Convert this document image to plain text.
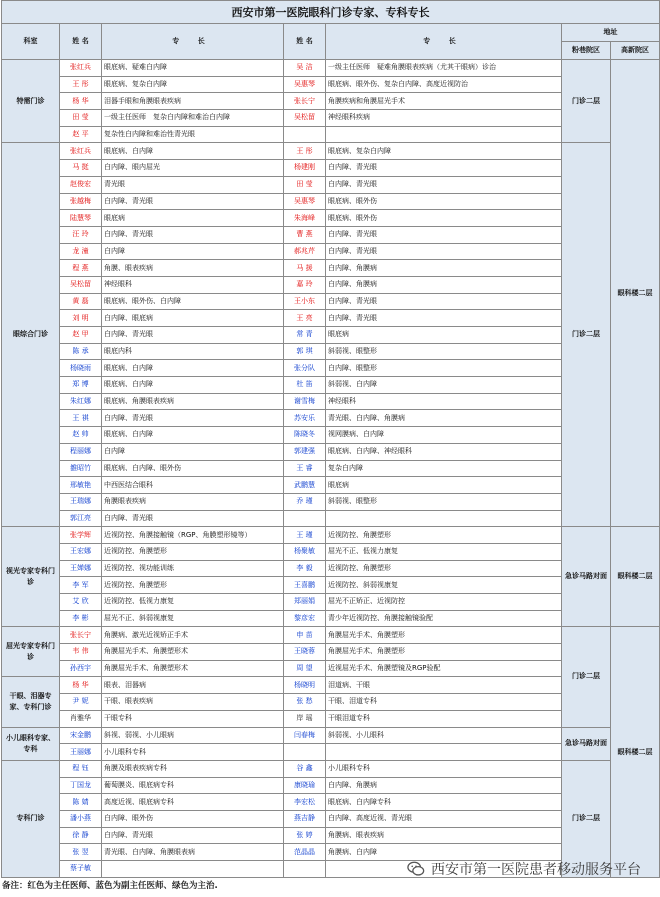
西安市第一医院眼科门诊专家、专科专长						
科室	姓 名	专 长	姓 名	专 长	地址	
					粉巷院区	高新院区
特需门诊	张红兵	眼底病、疑难白内障	吴 洁	一级主任医师　疑难角膜眼表疾病（尤其干眼病）诊治	门诊二层	眼科楼二层
	王 彤	眼底病、复杂白内障	吴惠琴	眼底病、眼外伤、复杂白内障、高度近视防治		
	杨 华	泪器手眼和角膜眼表疾病	张长宁	角膜疾病和角膜屈光手术		
	田 莹	一级主任医师　复杂白内障和难治白内障	吴松留	神经眼科疾病		
	赵 平	复杂性白内障和难治性青光眼				
眼综合门诊	张红兵	眼底病、白内障	王 彤	眼底病、复杂白内障	门诊二层	
	马 挺	白内障、眼内屈光	杨建刚	白内障、青光眼		
	赵俊宏	青光眼	田 莹	白内障、青光眼		
	张越梅	白内障、青光眼	吴惠琴	眼底病、眼外伤		
	陆慧琴	眼底病	朱海峰	眼底病、眼外伤		
	汪 玲	白内障、青光眼	曹 燕	白内障、青光眼		
	龙 潼	白内障	郝兆芹	白内障、青光眼		
	程 燕	角膜、眼表疾病	马 援	白内障、角膜病		
	吴松留	神经眼科	嘉 玲	白内障、角膜病		
	黄 磊	眼底病、眼外伤、白内障	王小东	白内障、青光眼		
	刘 明	白内障、眼底病	王 亮	白内障、青光眼		
	赵 甲	白内障、青光眼	常 青	眼底病		
	陈 承	眼底内科	郭 琪	斜弱视、眼整形		
	杨晓雨	眼底病、白内障	张分队	白内障、眼整形		
	郑 博	眼底病、白内障	杜 笛	斜弱视、白内障		
	朱红娜	眼底病、角膜眼表疾病	谢雪梅	神经眼科		
	王 祺	白内障、青光眼	苏安乐	青光眼、白内障、角膜病		
	赵 帅	眼底病、白内障	陈晓冬	视网膜病、白内障		
	程丽娜	白内障	郭建强	眼底病、白内障、神经眼科		
	雒昭竹	眼底病、白内障、眼外伤	王 睿	复杂白内障		
	邢敏艳	中西医结合眼科	武鹏慧	眼底病		
	王瑞娜	角膜眼表疾病	乔 瑾	斜弱视、眼整形		
	郭江亮	白内障、青光眼				
视光专家专科门诊	张学辉	近视防控、角膜接触镜（RGP、角膜塑形镜等）	王 瑾	近视防控、角膜塑形	急诊马路对面	眼科楼二层
	王宏娜	近视防控、角膜塑形	杨聚敏	屈光不正、低视力康复		
	王婵娜	近视防控、视功能训练	李 毅	近视防控、角膜塑形		
	李 军	近视防控、角膜塑形	王喜鹏	近视防控、斜弱视康复		
	艾 欣	近视防控、低视力康复	郑丽娟	屈光不正矫正、近视防控		
	李 彬	屈光不正、斜弱视康复	黎彦宏	青少年近视防控、角膜接触镜验配		
屈光专家专科门诊	张长宁	角膜病、激光近视矫正手术	申 苗	角膜屈光手术、角膜塑形	门诊二层	眼科楼二层
	韦 伟	角膜屈光手术、角膜塑形术	王晓蓉	角膜屈光手术、角膜塑形		
	孙西宇	角膜屈光手术、角膜塑形术	周 望	近视屈光手术、角膜塑镜及RGP验配		
干眼、泪器专家、专科门诊	杨 华	眼表、泪器病	杨晓明	泪道病、干眼		
	尹 妮	干眼、眼表疾病	张 愁	干眼、泪道专科		
	肖雅华	干眼专科	岸 瑶	干眼泪道专科		
小儿眼科专家、专科	宋金鹏	斜视、弱视、小儿眼病	闫春梅	斜弱视、小儿眼科	急诊马路对面	
	王丽娜	小儿眼科专科				
专科门诊	程 钰	角膜及眼表疾病专科	谷 鑫	小儿眼科专科	门诊二层	
	丁国龙	葡萄膜炎、眼底病专科	康晓瑜	白内障、角膜病		
	陈 婧	高度近视、眼底病专科	李宏松	眼底病、白内障专科		
	潘小燕	白内障、眼外伤	燕吉静	白内障、高度近视、青光眼		
	徐 静	白内障、青光眼	张 婷	角膜病、眼表疾病		
	张 翌	青光眼、白内障、角膜眼表病	范晶晶	角膜病、白内障		
	蔡子敏					
备注：红色为主任医师、蓝色为副主任医师、绿色为主治.
西安市第一医院患者移动服务平台
